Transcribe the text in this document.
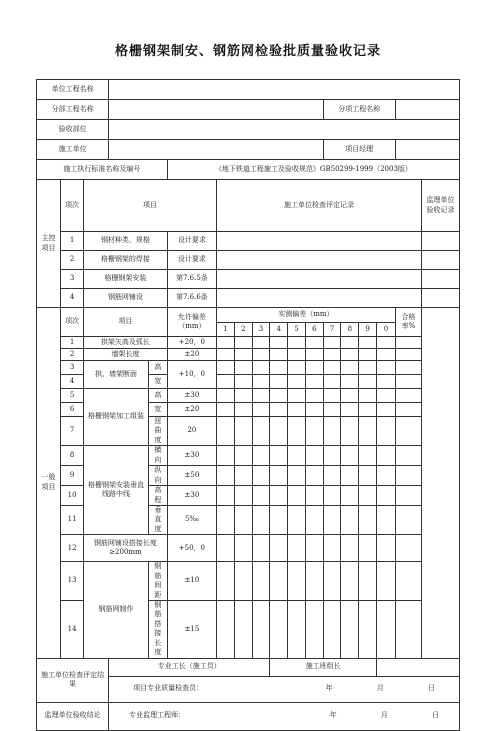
格栅钢架制安、钢筋网检验批质量验收记录
单位工程名称																	
分部工程名称												分项工程名称					
验收部位																	
施工单位												项目经理					
施工执行标准名称及编号					《地下铁道工程施工及验收规范》GB50299-1999（2003版）												
主控项目	项次	项目				施工单位检查评定记录											监理单位验收记录
	1	钢材种类、规格			设计要求												
	2	格栅钢架的焊接			设计要求												
	3	格栅钢架安装			第7.6.5条												
	4	钢筋网铺设			第7.6.6条												
一般项目	项次	项目			允许偏差（mm）	实测偏差（mm）										合格率%	
						1	2	3	4	5	6	7	8	9	0		
	1	拱架矢高及弧长			+20，0												
	2	墙架长度			±20												
	3	拱、墙架断面		高	+10，0												
	4			宽													
	5	格栅钢架加工组装		高	±30												
	6			宽	±20												
	7			扭曲度	20												
	8	格栅钢架安装垂直线路中线		横向	±30												
	9			纵向	±50												
	10			高程	±30												
	11			垂直度	5‰												
	12	钢筋网铺设搭接长度≥200mm			+50，0												
	13	钢筋网制作		钢筋间距	±10												
	14			钢筋搭接长度	±15												
施工单位检查评定结果			专业工长（施工员）						施工班组长								
			项目专业质量检查员： 年 月 日														
监理单位验收结论			专业监理工程师： 年 月 日														
